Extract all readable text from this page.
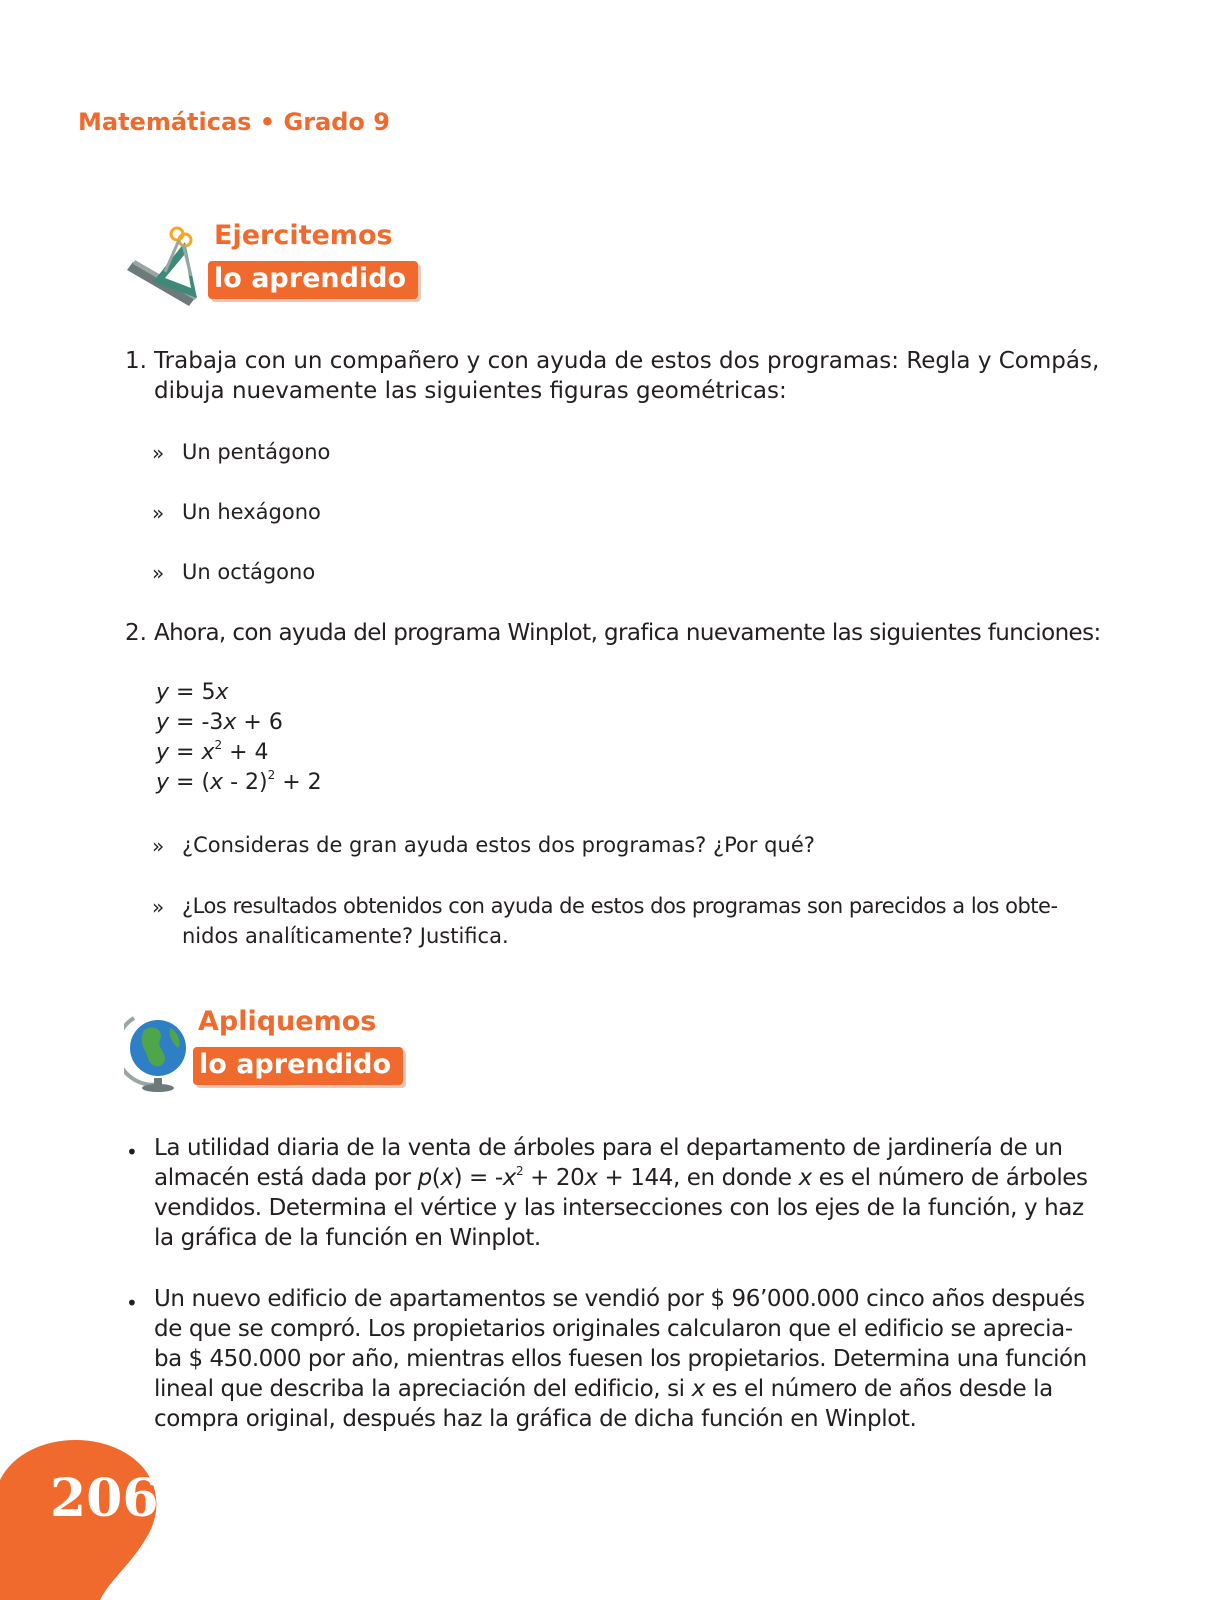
Matemáticas • Grado 9
Ejercitemos
lo aprendido
1. Trabaja con un compañero y con ayuda de estos dos programas: Regla y Compás,
dibuja nuevamente las siguientes figuras geométricas:
» Un pentágono
» Un hexágono
» Un octágono
2. Ahora, con ayuda del programa Winplot, grafica nuevamente las siguientes funciones:
y = 5x
y = -3x + 6
$y = x^2 + 4$
y = (x - 2)$^2$ + 2
» ¿Consideras de gran ayuda estos dos programas? ¿Por qué?
» ¿Los resultados obtenidos con ayuda de estos dos programas son parecidos a los obte-
nidos analíticamente? Justifica.
Apliquemos
lo aprendido
• La utilidad diaria de la venta de árboles para el departamento de jardinería de un
almacén está dada por $p(x) = -x^2 + 20x + 144$, en donde x es el número de árboles
vendidos. Determina el vértice y las intersecciones con los ejes de la función, y haz
la gráfica de la función en Winplot.
• Un nuevo edificio de apartamentos se vendió por $ 96’000.000 cinco años después
de que se compró. Los propietarios originales calcularon que el edificio se aprecia-
ba $ 450.000 por año, mientras ellos fuesen los propietarios. Determina una función
lineal que describa la apreciación del edificio, si x es el número de años desde la
compra original, después haz la gráfica de dicha función en Winplot.
206
